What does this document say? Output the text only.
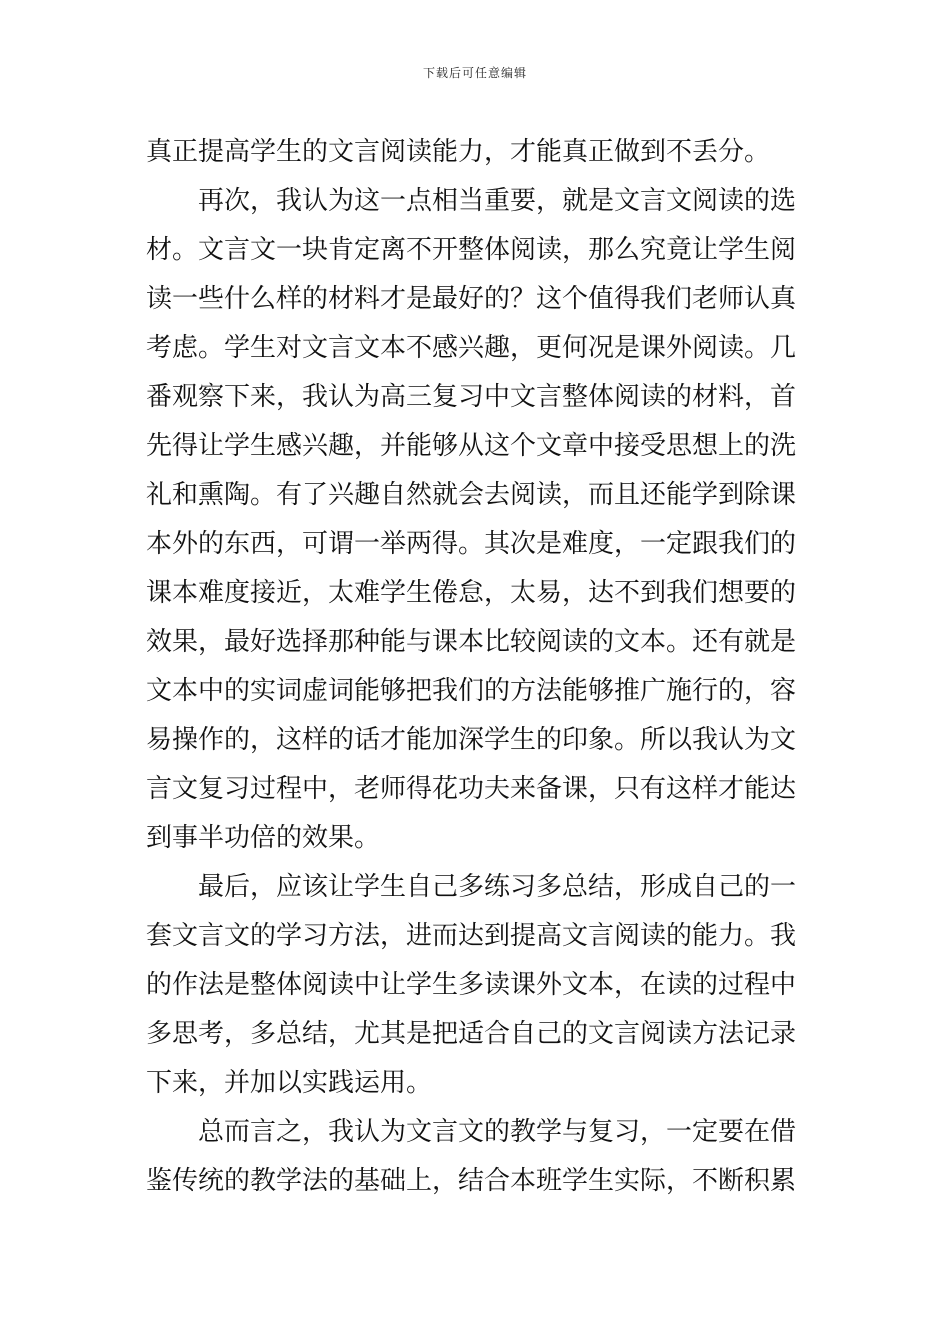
下载后可任意编辑
真正提高学生的文言阅读能力，才能真正做到不丢分。
　　再次，我认为这一点相当重要，就是文言文阅读的选
材。文言文一块肯定离不开整体阅读，那么究竟让学生阅
读一些什么样的材料才是最好的？这个值得我们老师认真
考虑。学生对文言文本不感兴趣，更何况是课外阅读。几
番观察下来，我认为高三复习中文言整体阅读的材料，首
先得让学生感兴趣，并能够从这个文章中接受思想上的洗
礼和熏陶。有了兴趣自然就会去阅读，而且还能学到除课
本外的东西，可谓一举两得。其次是难度，一定跟我们的
课本难度接近，太难学生倦怠，太易，达不到我们想要的
效果，最好选择那种能与课本比较阅读的文本。还有就是
文本中的实词虚词能够把我们的方法能够推广施行的，容
易操作的，这样的话才能加深学生的印象。所以我认为文
言文复习过程中，老师得花功夫来备课，只有这样才能达
到事半功倍的效果。
　　最后，应该让学生自己多练习多总结，形成自己的一
套文言文的学习方法，进而达到提高文言阅读的能力。我
的作法是整体阅读中让学生多读课外文本，在读的过程中
多思考，多总结，尤其是把适合自己的文言阅读方法记录
下来，并加以实践运用。
　　总而言之，我认为文言文的教学与复习，一定要在借
鉴传统的教学法的基础上，结合本班学生实际，不断积累
